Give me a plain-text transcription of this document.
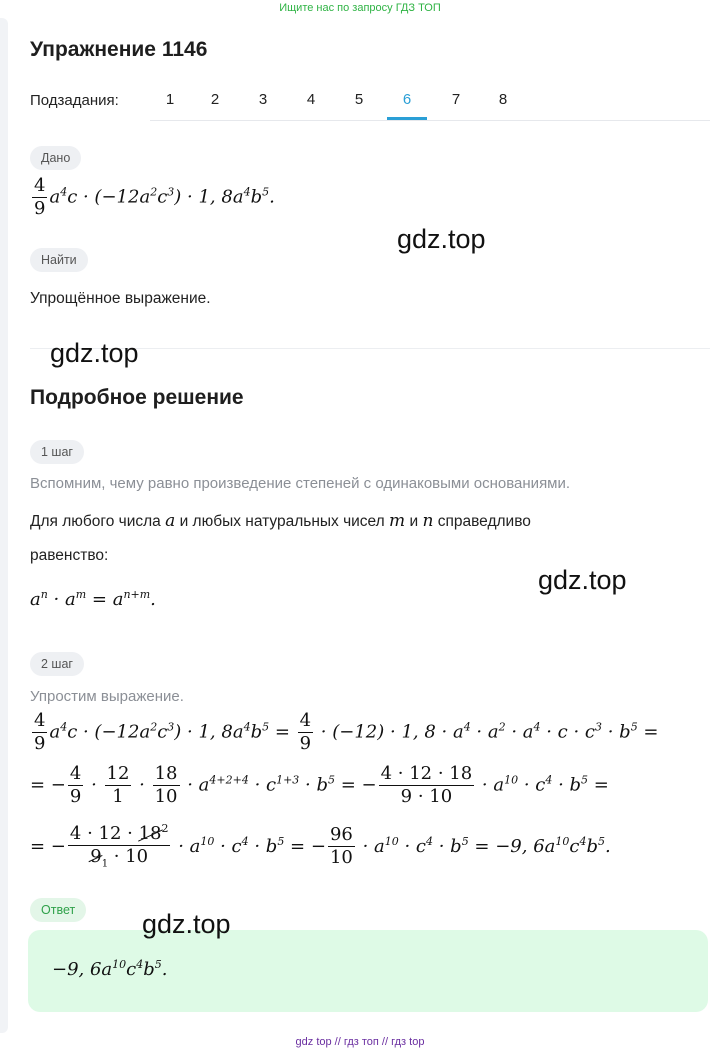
Ищите нас по запросу ГДЗ ТОП
Упражнение 1146
Подзадания:	1	2	3	4	5	6	7	8
Дано
$\frac{4}{9} a^4c \cdot (-12a^2c^3) \cdot 1$, $8a^4b^5$.
Найти
Упрощённое выражение.
Подробное решение
1 шаг
Вспомним, чему равно произведение степеней с одинаковыми основаниями.
Для любого числа a и любых натуральных чисел m и n справедливо
равенство:
$a^n \cdot a^m = a^{n+m}$.
2 шаг
Упростим выражение.
$\frac{4}{9} a^4c \cdot (-12a^2c^3) \cdot 1$, $8a^4b^5 = \frac{4}{9} \cdot (-12) \cdot 1$, $8 \cdot a^4 \cdot a^2 \cdot a^4 \cdot c \cdot c^3 \cdot b^5$ =
= − $\frac{4}{9} \cdot \frac{12}{1} \cdot \frac{18}{10} \cdot a^{4+2+4} \cdot c^{1+3} \cdot b^5$ = − $\frac{4 \cdot 12 \cdot 18}{9 \cdot 10} \cdot a^{10} \cdot c^4 \cdot b^5$ =
= − $\frac{4 \cdot 12 \cdot 18^2}{9_1 \cdot 10} \cdot a^{10} \cdot c^4 \cdot b^5$ = − $\frac{96}{10} \cdot a^{10} \cdot c^4 \cdot b^5 = -9$, $6a^{10}c^4b^5$.
Ответ
−9, $6a^{10}c^4b^5$.
gdz.top
gdz.top
gdz.top
gdz.top
gdz top // гдз топ // гдз top
